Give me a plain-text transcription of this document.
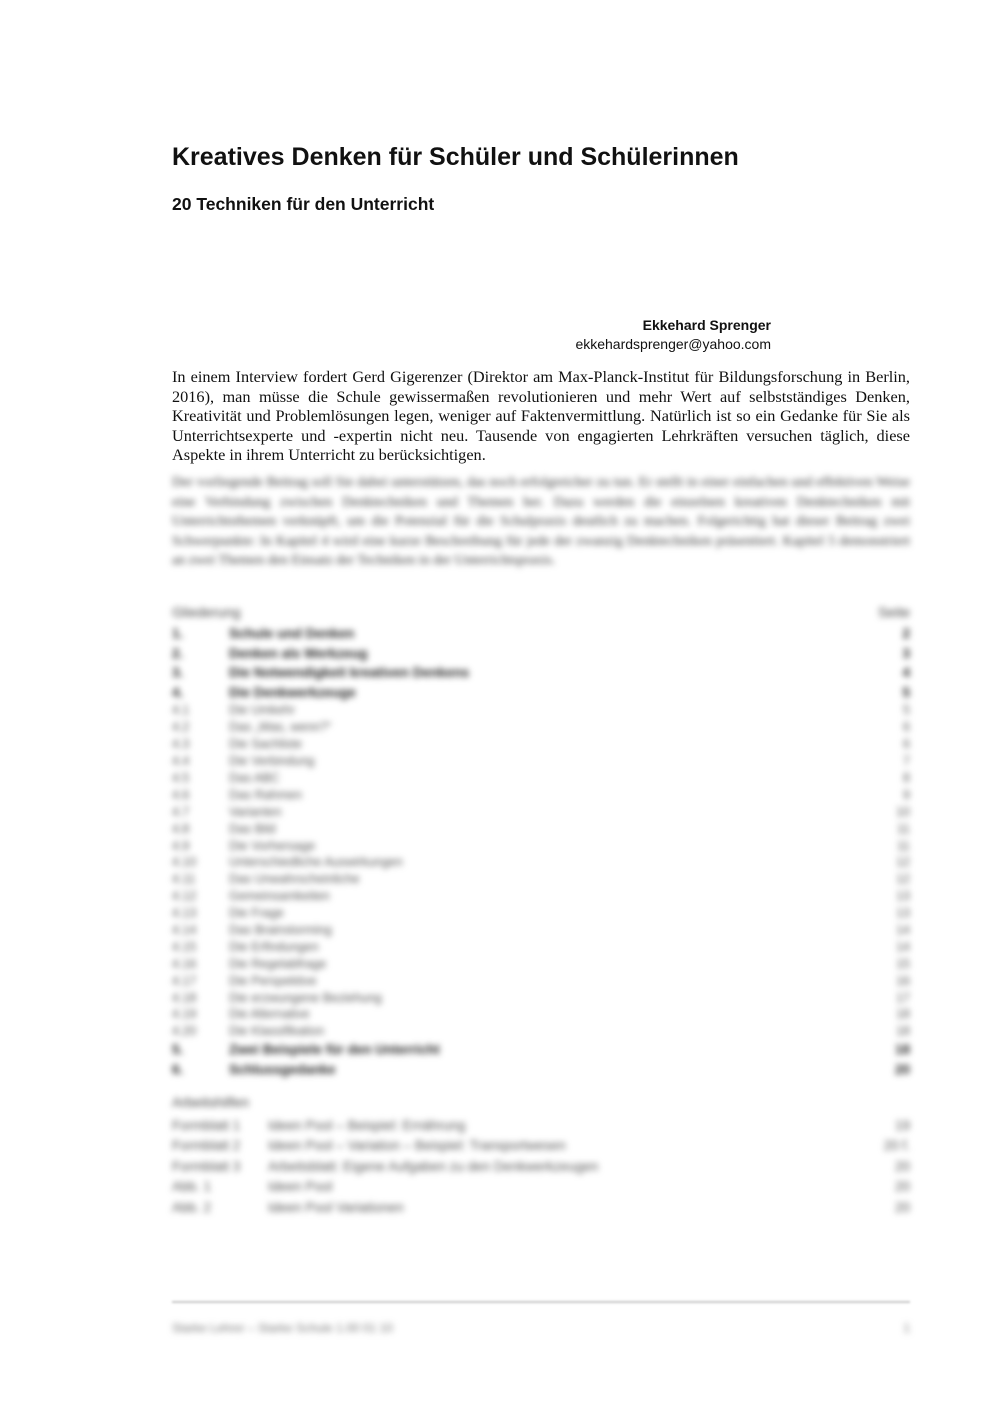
Kreatives Denken für Schüler und Schülerinnen
20 Techniken für den Unterricht
Ekkehard Sprenger
ekkehardsprenger@yahoo.com
In einem Interview fordert Gerd Gigerenzer (Direktor am Max-Planck-Institut für Bildungsforschung in Berlin, 2016), man müsse die Schule gewissermaßen revolutionieren und mehr Wert auf selbstständiges Denken, Kreativität und Problemlösungen legen, weniger auf Faktenvermittlung. Natürlich ist so ein Gedanke für Sie als Unterrichtsexperte und -expertin nicht neu. Tausende von engagierten Lehrkräften versuchen täglich, diese Aspekte in ihrem Unterricht zu berücksichtigen.
Der vorliegende Beitrag soll Sie dabei unterstützen, das noch erfolgreicher zu tun. Er stellt in einer einfachen und effektiven Weise eine Verbindung zwischen Denktechniken und Themen her. Dazu werden die einzelnen kreativen Denktechniken mit Unterrichtsthemen verknüpft, um die Potenzial für die Schulpraxis deutlich zu machen. Folgerichtig hat dieser Beitrag zwei Schwerpunkte: In Kapitel 4 wird eine kurze Beschreibung für jede der zwanzig Denktechniken präsentiert. Kapitel 5 demonstriert an zwei Themen den Einsatz der Techniken in der Unterrichtspraxis.
Gliederung	Seite
1.	Schule und Denken	2
2.	Denken als Werkzeug	3
3.	Die Notwendigkeit kreativen Denkens	4
4.	Die Denkwerkzeuge	5
4.1	Die Umkehr	5
4.2	Das „Was, wenn?“	6
4.3	Die Sachliste	6
4.4	Die Verbindung	7
4.5	Das ABC	8
4.6	Das Rahmen	9
4.7	Varianten	10
4.8	Das Bild	11
4.9	Die Vorhersage	11
4.10	Unterschiedliche Auswirkungen	12
4.11	Das Unwahrscheinliche	12
4.12	Gemeinsamkeiten	13
4.13	Die Frage	13
4.14	Das Brainstorming	14
4.15	Die Erfindungen	14
4.16	Die Regelabfrage	15
4.17	Die Perspektive	16
4.18	Die erzwungene Beziehung	17
4.19	Die Alternative	18
4.20	Die Klassifikation	18
5.	Zwei Beispiele für den Unterricht	18
6.	Schlussgedanke	20
Arbeitshilfen
Formblatt 1	Ideen Pool – Beispiel: Ernährung	19
Formblatt 2	Ideen Pool – Variation – Beispiel: Transportwesen	20 f.
Formblatt 3	Arbeitsblatt: Eigene Aufgaben zu den Denkwerkzeugen	20
Abb. 1	Ideen Pool	20
Abb. 2	Ideen Pool Variationen	20
Starke Lehrer – Starke Schule 1.00 01 10	1
